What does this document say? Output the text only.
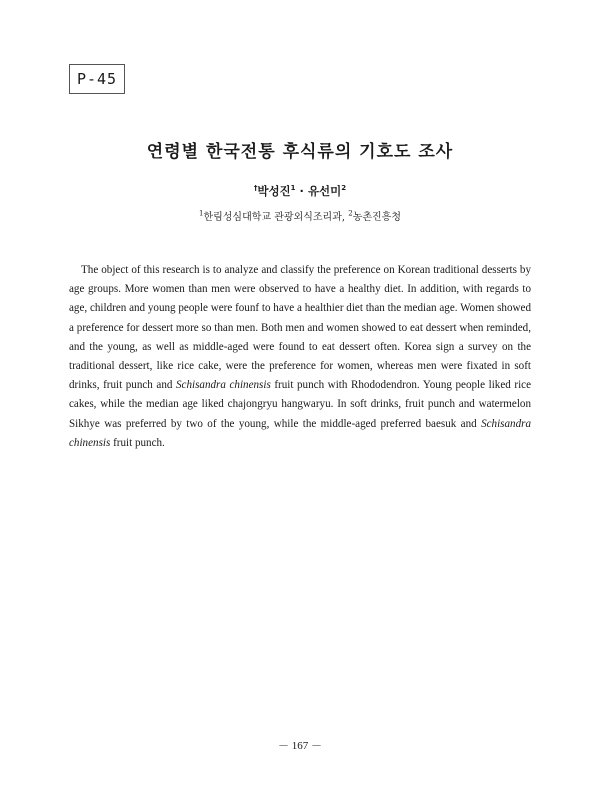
P-45
연령별 한국전통 후식류의 기호도 조사
†박성진$^1$ · 유선미$^2$
$^1$한림성심대학교 관광외식조리과, $^2$농촌진흥청
The object of this research is to analyze and classify the preference on Korean traditional desserts by age groups. More women than men were observed to have a healthy diet. In addition, with regards to age, children and young people were founf to have a healthier diet than the median age. Women showed a preference for dessert more so than men. Both men and women showed to eat dessert when reminded, and the young, as well as middle-aged were found to eat dessert often. Korea sign a survey on the traditional dessert, like rice cake, were the preference for women, whereas men were fixated in soft drinks, fruit punch and Schisandra chinensis fruit punch with Rhododendron. Young people liked rice cakes, while the median age liked chajongryu hangwaryu. In soft drinks, fruit punch and watermelon Sikhye was preferred by two of the young, while the middle-aged preferred baesuk and Schisandra chinensis fruit punch.
－ 167 －
